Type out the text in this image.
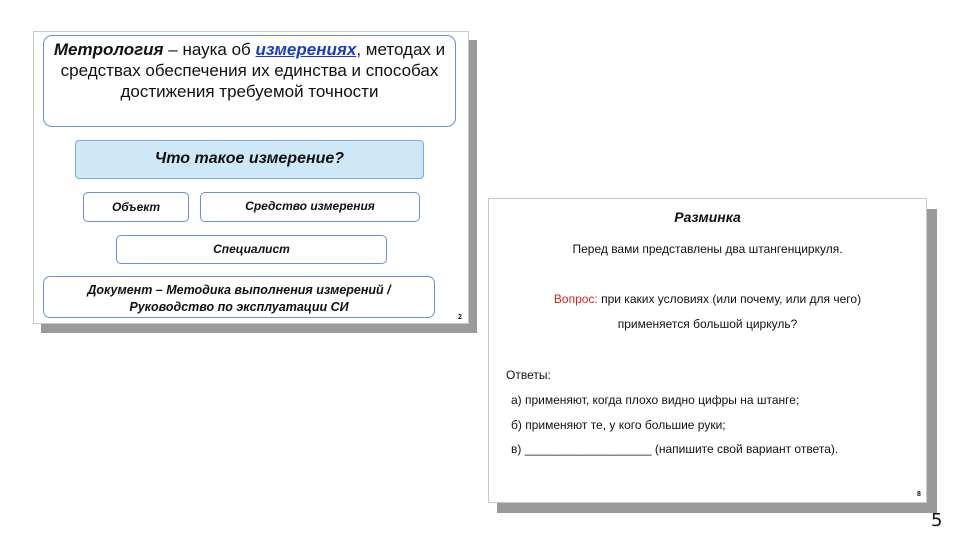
Метрология – наука об измерениях, методах и средствах обеспечения их единства и способах достижения требуемой точности
Что такое измерение?
Объект	Средство измерения
Специалист
Документ – Методика выполнения измерений /
Руководство по эксплуатации СИ
2
Разминка
Перед вами представлены два штангенциркуля.
Вопрос: при каких условиях (или почему, или для чего)
применяется большой циркуль?
Ответы:
а) применяют, когда плохо видно цифры на штанге;
б) применяют те, у кого большие руки;
в) ___________________ (напишите свой вариант ответа).
8
5
